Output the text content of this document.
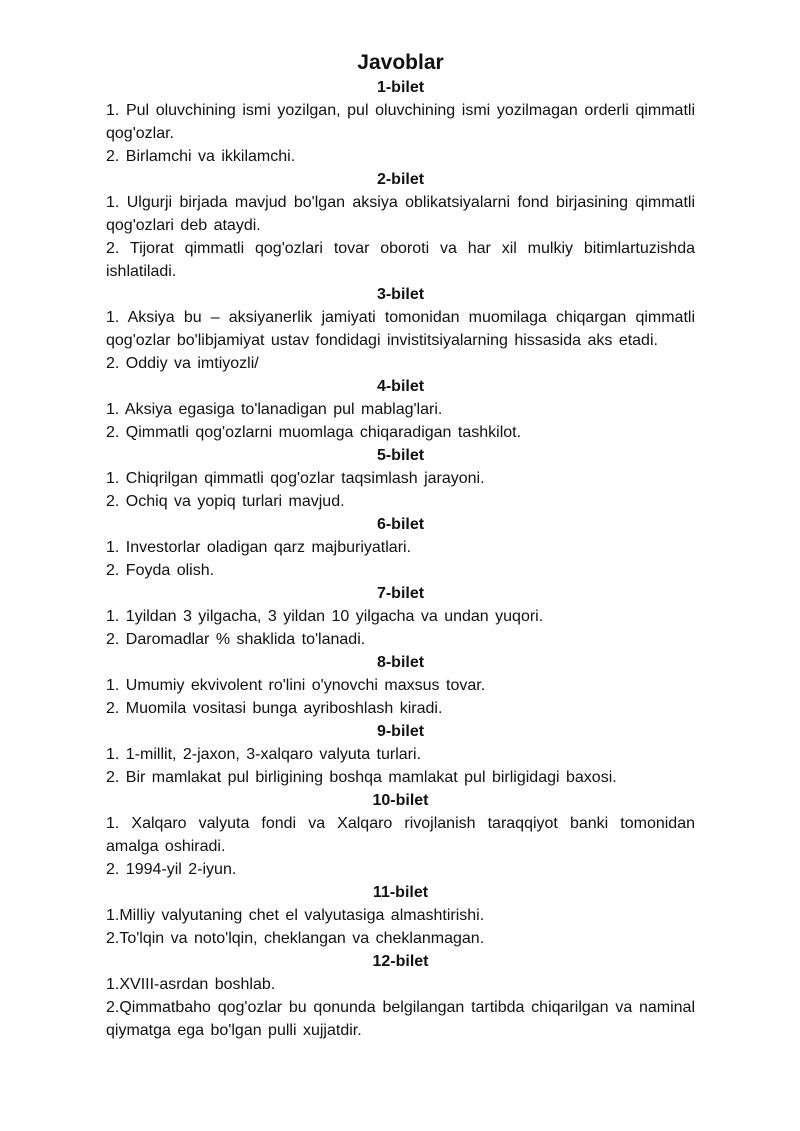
Javoblar
1-bilet

1. Pul oluvchining ismi yozilgan, pul oluvchining ismi yozilmagan orderli qimmatli qog'ozlar.

2. Birlamchi va ikkilamchi.

2-bilet

1. Ulgurji birjada mavjud bo'lgan aksiya oblikatsiyalarni fond birjasining qimmatli qog'ozlari deb ataydi.

2. Tijorat qimmatli qog'ozlari tovar oboroti va har xil mulkiy bitimlartuzishda ishlatiladi.

3-bilet

1. Aksiya bu – aksiyanerlik jamiyati tomonidan muomilaga chiqargan qimmatli qog'ozlar bo'libjamiyat ustav fondidagi invistitsiyalarning hissasida aks etadi.

2. Oddiy va imtiyozli/

4-bilet

1. Aksiya egasiga to'lanadigan pul mablag'lari.

2. Qimmatli qog'ozlarni muomlaga chiqaradigan tashkilot.

5-bilet

1. Chiqrilgan qimmatli qog'ozlar taqsimlash jarayoni.

2. Ochiq va yopiq turlari mavjud.

6-bilet

1. Investorlar oladigan qarz majburiyatlari.

2. Foyda olish.

7-bilet

1. 1yildan 3 yilgacha, 3 yildan 10 yilgacha va undan yuqori.

2. Daromadlar % shaklida to'lanadi.

8-bilet

1. Umumiy ekvivolent ro'lini o'ynovchi maxsus tovar.

2. Muomila vositasi bunga ayriboshlash kiradi.

9-bilet

1. 1-millit, 2-jaxon, 3-xalqaro valyuta turlari.

2. Bir mamlakat pul birligining boshqa mamlakat pul birligidagi baxosi.

10-bilet

1. Xalqaro valyuta fondi va Xalqaro rivojlanish taraqqiyot banki tomonidan amalga oshiradi.

2. 1994-yil 2-iyun.

11-bilet

1.Milliy valyutaning chet el valyutasiga almashtirishi.

2.To'lqin va noto'lqin, cheklangan va cheklanmagan.

12-bilet

1.XVIII-asrdan boshlab.

2.Qimmatbaho qog'ozlar bu qonunda belgilangan tartibda chiqarilgan va naminal qiymatga ega bo'lgan pulli xujjatdir.
